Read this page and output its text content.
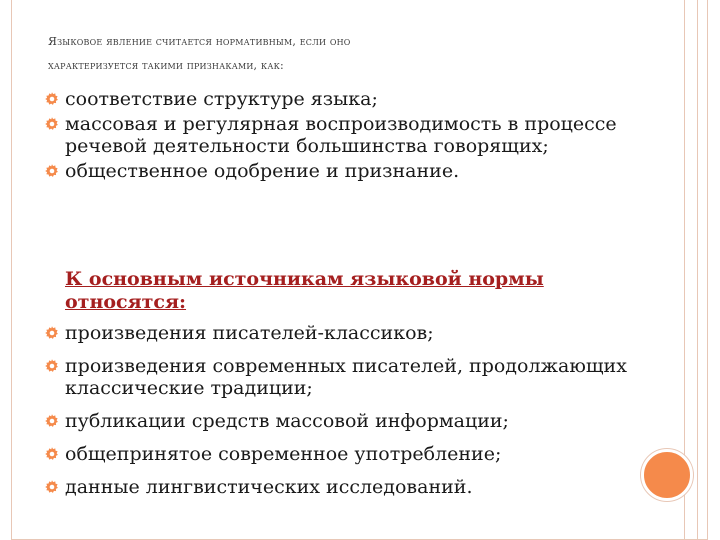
Языковое явление считается нормативным, если оно
характеризуется такими признаками, как:
соответствие структуре языка;
массовая и регулярная воспроизводимость в процессе речевой деятельности большинства говорящих;
общественное одобрение и признание.
К основным источникам языковой нормы относятся:
произведения писателей-классиков;
произведения современных писателей, продолжающих классические традиции;
публикации средств массовой информации;
общепринятое современное употребление;
данные лингвистических исследований.
